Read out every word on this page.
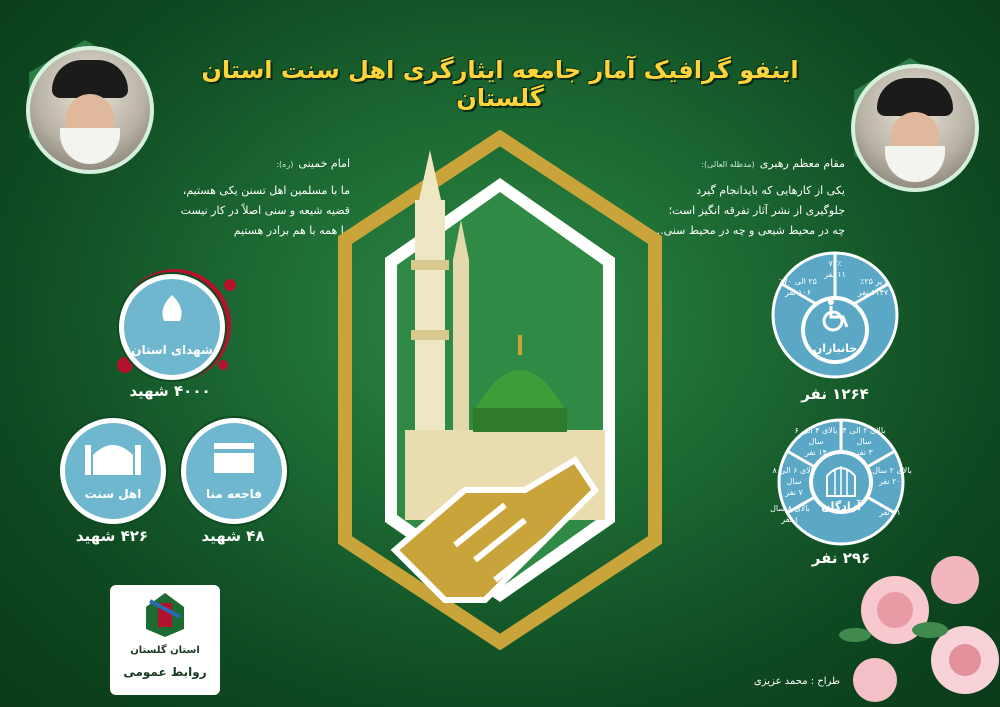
اینفو گرافیک آمار جامعه ایثارگری اهل سنت استان گلستان
امام خمینی (ره):
ما با مسلمین اهل تسنن یکی هستیم،
قضیه شیعه و سنی اصلاً در کار نیست
ما همه با هم برادر هستیم
مقام معظم رهبری (مدظله العالی):
یکی از کارهایی که بایدانجام گیرد
جلوگیری از نشر آثار تفرقه انگیز است؛
چه در محیط شیعی و چه در محیط سنی...
شهدای استان
۴۰۰۰ شهید
اهل سنت
۴۲۶ شهید
فاجعه منا
۴۸ شهید
۷۰٪
۱۱ نفر
۲۵ الی ۷۰٪
۱۰۶ نفر
زیر ۲۵٪
۱۱۴۷ نفر
جانبازان
۱۲۶۴ نفر
۷۱ نفر
بالای ۲ الی ۴ سال
۳ نفر
بالای ۴ الی ۶ سال
۱۴ نفر
بالای ۶ الی ۸ سال
۷ نفر
بالای ۸ سال
۱ نفر
بالای ۲ سال
۲۰۰ نفر
آزادگان
۲۹۶ نفر
استان گلستان
روابط عمومی
طراح : محمد عزیزی
